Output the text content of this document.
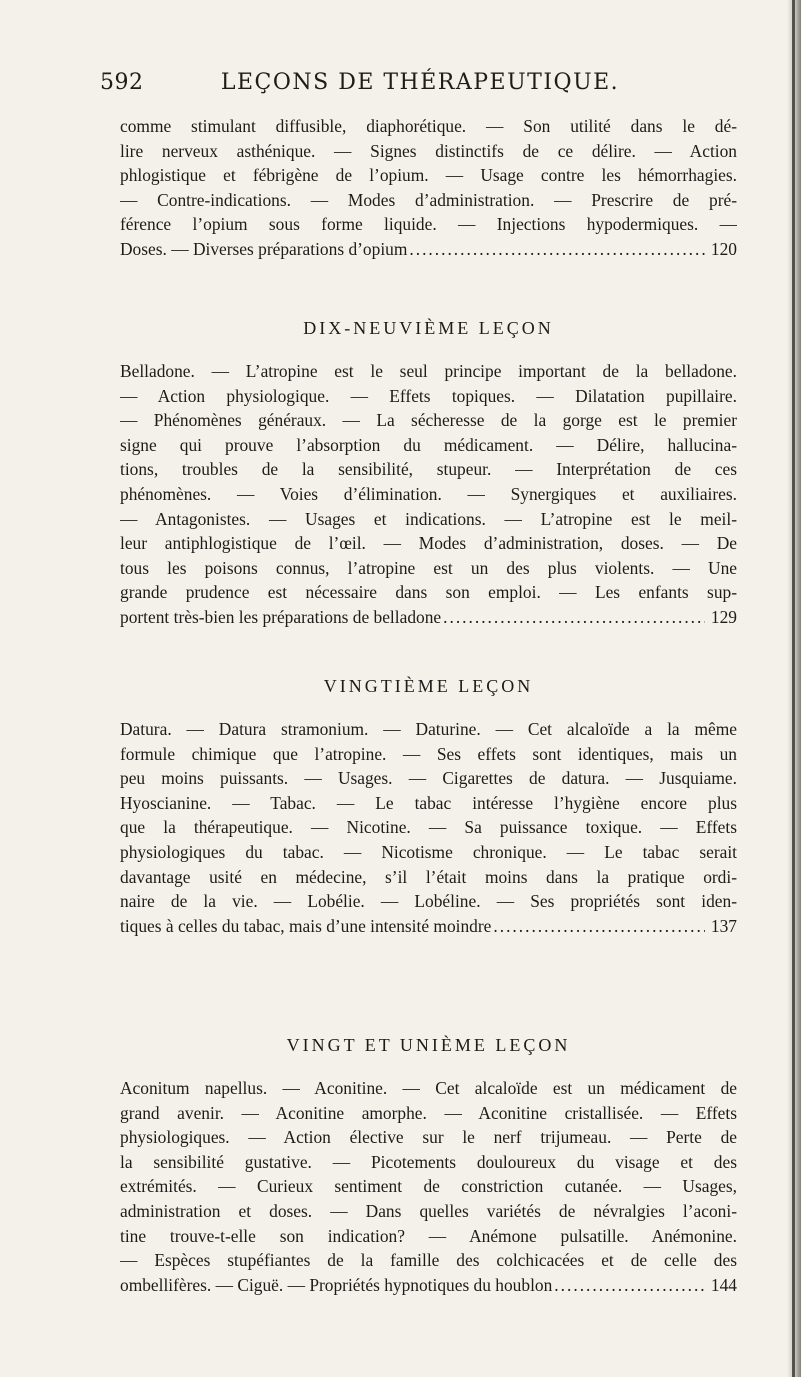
592	LEÇONS DE THÉRAPEUTIQUE.

comme stimulant diffusible, diaphorétique. — Son utilité dans le dé-
lire nerveux asthénique. — Signes distinctifs de ce délire. — Action
phlogistique et fébrigène de l’opium. — Usage contre les hémorrhagies.
— Contre-indications. — Modes d’administration. — Prescrire de pré-
férence l’opium sous forme liquide. — Injections hypodermiques. —
Doses. — Diverses préparations d’opium .....	120

DIX-NEUVIÈME LEÇON

Belladone. — L’atropine est le seul principe important de la belladone.
— Action physiologique. — Effets topiques. — Dilatation pupillaire.
— Phénomènes généraux. — La sécheresse de la gorge est le premier
signe qui prouve l’absorption du médicament. — Délire, hallucina-
tions, troubles de la sensibilité, stupeur. — Interprétation de ces
phénomènes. — Voies d’élimination. — Synergiques et auxiliaires.
— Antagonistes. — Usages et indications. — L’atropine est le meil-
leur antiphlogistique de l’œil. — Modes d’administration, doses. — De
tous les poisons connus, l’atropine est un des plus violents. — Une
grande prudence est nécessaire dans son emploi. — Les enfants sup-
portent très-bien les préparations de belladone .....	129

VINGTIÈME LEÇON

Datura. — Datura stramonium. — Daturine. — Cet alcaloïde a la même
formule chimique que l’atropine. — Ses effets sont identiques, mais un
peu moins puissants. — Usages. — Cigarettes de datura. — Jusquiame.
Hyoscianine. — Tabac. — Le tabac intéresse l’hygiène encore plus
que la thérapeutique. — Nicotine. — Sa puissance toxique. — Effets
physiologiques du tabac. — Nicotisme chronique. — Le tabac serait
davantage usité en médecine, s’il l’était moins dans la pratique ordi-
naire de la vie. — Lobélie. — Lobéline. — Ses propriétés sont iden-
tiques à celles du tabac, mais d’une intensité moindre .....	137

VINGT ET UNIÈME LEÇON

Aconitum napellus. — Aconitine. — Cet alcaloïde est un médicament de
grand avenir. — Aconitine amorphe. — Aconitine cristallisée. — Effets
physiologiques. — Action élective sur le nerf trijumeau. — Perte de
la sensibilité gustative. — Picotements douloureux du visage et des
extrémités. — Curieux sentiment de constriction cutanée. — Usages,
administration et doses. — Dans quelles variétés de névralgies l’aconi-
tine trouve-t-elle son indication? — Anémone pulsatille. Anémonine.
— Espèces stupéfiantes de la famille des colchicacées et de celle des
ombellifères. — Ciguë. — Propriétés hypnotiques du houblon .....	144
